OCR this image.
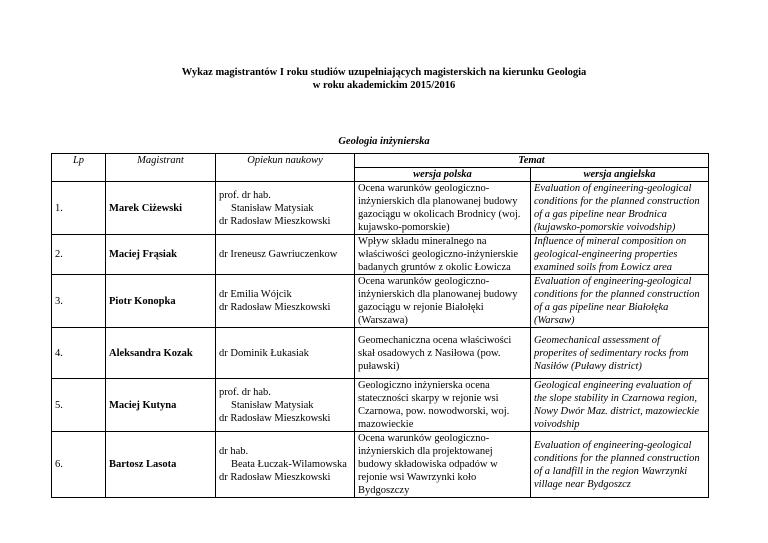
Wykaz magistrantów I roku studiów uzupełniających magisterskich na kierunku Geologia
w roku akademickim 2015/2016
Geologia inżynierska
Lp	Magistrant	Opiekun naukowy	Temat	
			wersja polska	wersja angielska
1.	Marek Ciżewski	prof. dr hab.
Stanisław Matysiak
dr Radosław Mieszkowski	Ocena warunków geologiczno-inżynierskich dla planowanej budowy gazociągu w okolicach Brodnicy (woj. kujawsko-pomorskie)	Evaluation of engineering-geological conditions for the planned construction of a gas pipeline near Brodnica (kujawsko-pomorskie voivodship)
2.	Maciej Frąsiak	dr Ireneusz Gawriuczenkow	Wpływ składu mineralnego na właściwości geologiczno-inżynierskie badanych gruntów z okolic Łowicza	Influence of mineral composition on geological-engineering properties examined soils from Łowicz area
3.	Piotr Konopka	dr Emilia Wójcik
dr Radosław Mieszkowski	Ocena warunków geologiczno-inżynierskich dla planowanej budowy gazociągu w rejonie Białołęki (Warszawa)	Evaluation of engineering-geological conditions for the planned construction of a gas pipeline near Białołęka (Warsaw)
4.	Aleksandra Kozak	dr Dominik Łukasiak	Geomechaniczna ocena właściwości skał osadowych z Nasiłowa (pow. puławski)	Geomechanical assessment of properites of sedimentary rocks from Nasiłów (Puławy district)
5.	Maciej Kutyna	prof. dr hab.
Stanisław Matysiak
dr Radosław Mieszkowski	Geologiczno inżynierska ocena stateczności skarpy w rejonie wsi Czarnowa, pow. nowodworski, woj. mazowieckie	Geological engineering evaluation of the slope stability in Czarnowa region, Nowy Dwór Maz. district, mazowieckie voivodship
6.	Bartosz Lasota	dr hab.
Beata Łuczak-Wilamowska
dr Radosław Mieszkowski	Ocena warunków geologiczno-inżynierskich dla projektowanej budowy składowiska odpadów w rejonie wsi Wawrzynki koło Bydgoszczy	Evaluation of engineering-geological conditions for the planned construction of a landfill in the region Wawrzynki village near Bydgoszcz
